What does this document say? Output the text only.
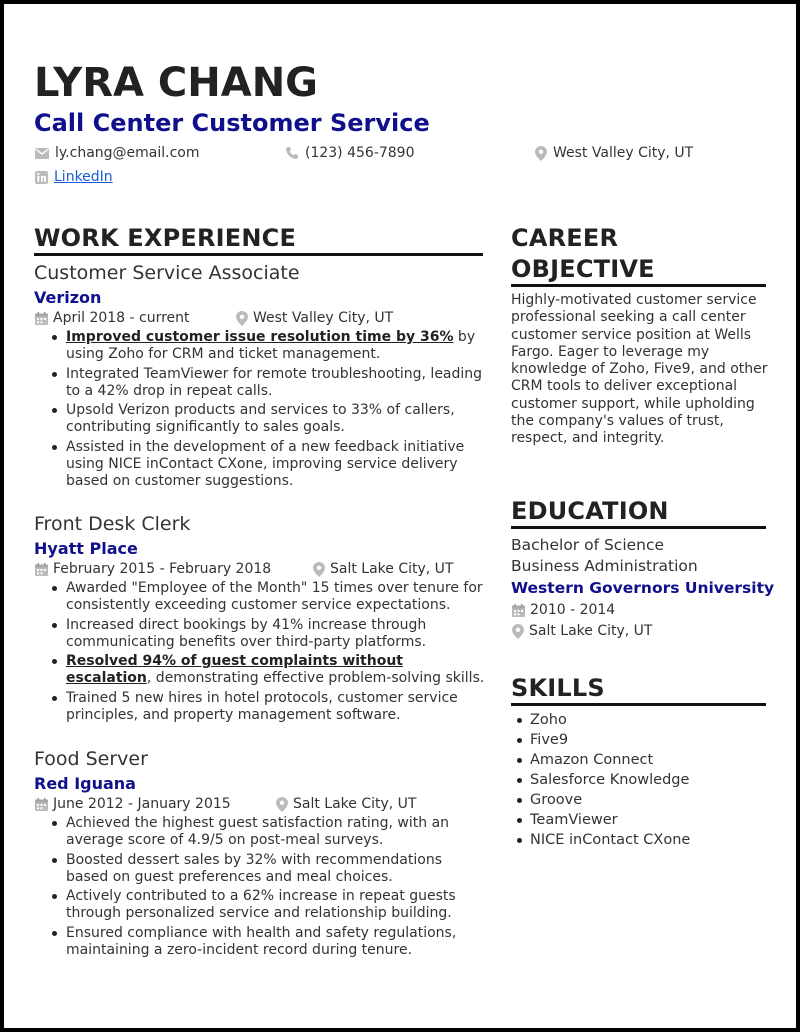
LYRA CHANG
Call Center Customer Service
ly.chang@email.com	(123) 456-7890	West Valley City, UT
LinkedIn
WORK EXPERIENCE
Customer Service Associate
Verizon
April 2018 - current	West Valley City, UT
Improved customer issue resolution time by 36% by using Zoho for CRM and ticket management.
Integrated TeamViewer for remote troubleshooting, leading to a 42% drop in repeat calls.
Upsold Verizon products and services to 33% of callers, contributing significantly to sales goals.
Assisted in the development of a new feedback initiative using NICE inContact CXone, improving service delivery based on customer suggestions.
Front Desk Clerk
Hyatt Place
February 2015 - February 2018	Salt Lake City, UT
Awarded "Employee of the Month" 15 times over tenure for consistently exceeding customer service expectations.
Increased direct bookings by 41% increase through communicating benefits over third-party platforms.
Resolved 94% of guest complaints without escalation, demonstrating effective problem-solving skills.
Trained 5 new hires in hotel protocols, customer service principles, and property management software.
Food Server
Red Iguana
June 2012 - January 2015	Salt Lake City, UT
Achieved the highest guest satisfaction rating, with an average score of 4.9/5 on post-meal surveys.
Boosted dessert sales by 32% with recommendations based on guest preferences and meal choices.
Actively contributed to a 62% increase in repeat guests through personalized service and relationship building.
Ensured compliance with health and safety regulations, maintaining a zero-incident record during tenure.
CAREER
OBJECTIVE
Highly-motivated customer service professional seeking a call center customer service position at Wells Fargo. Eager to leverage my knowledge of Zoho, Five9, and other CRM tools to deliver exceptional customer support, while upholding the company's values of trust, respect, and integrity.
EDUCATION
Bachelor of Science
Business Administration
Western Governors University
2010 - 2014
Salt Lake City, UT
SKILLS
Zoho
Five9
Amazon Connect
Salesforce Knowledge
Groove
TeamViewer
NICE inContact CXone
